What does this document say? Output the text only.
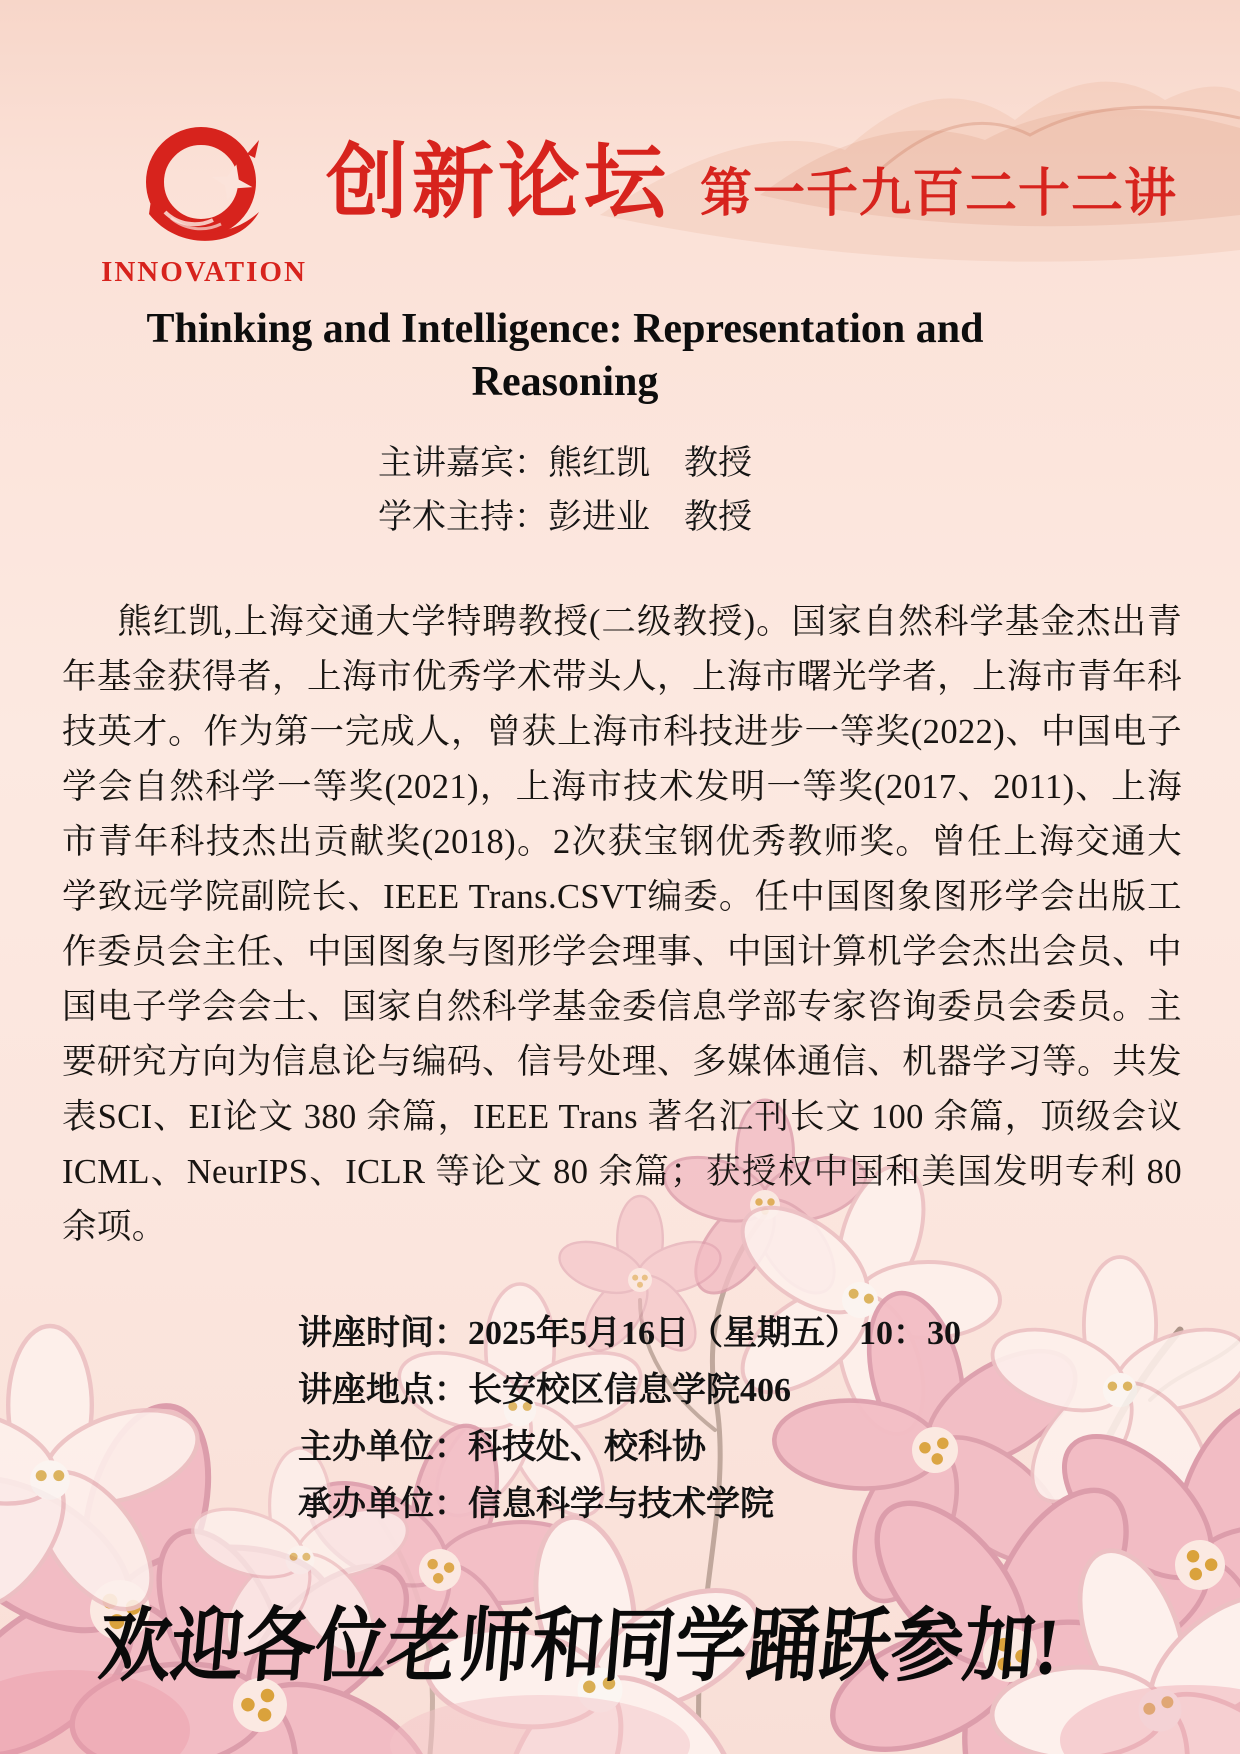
INNOVATION
创新论坛 第一千九百二十二讲
Thinking and Intelligence: Representation and
Reasoning
主讲嘉宾：熊红凯 教授
学术主持：彭进业 教授

熊红凯,上海交通大学特聘教授(二级教授)。国家自然科学基金杰出青年基金获得者，上海市优秀学术带头人，上海市曙光学者，上海市青年科技英才。作为第一完成人，曾获上海市科技进步一等奖(2022)、中国电子学会自然科学一等奖(2021)，上海市技术发明一等奖(2017、2011)、上海市青年科技杰出贡献奖(2018)。2次获宝钢优秀教师奖。曾任上海交通大学致远学院副院长、IEEE Trans.CSVT编委。任中国图象图形学会出版工作委员会主任、中国图象与图形学会理事、中国计算机学会杰出会员、中国电子学会会士、国家自然科学基金委信息学部专家咨询委员会委员。主要研究方向为信息论与编码、信号处理、多媒体通信、机器学习等。共发表SCI、EI论文 380 余篇，IEEE Trans 著名汇刊长文 100 余篇，顶级会议 ICML、NeurIPS、ICLR 等论文 80 余篇；获授权中国和美国发明专利 80 余项。

讲座时间：2025年5月16日（星期五）10：30
讲座地点：长安校区信息学院406
主办单位：科技处、校科协
承办单位：信息科学与技术学院
欢迎各位老师和同学踊跃参加!
